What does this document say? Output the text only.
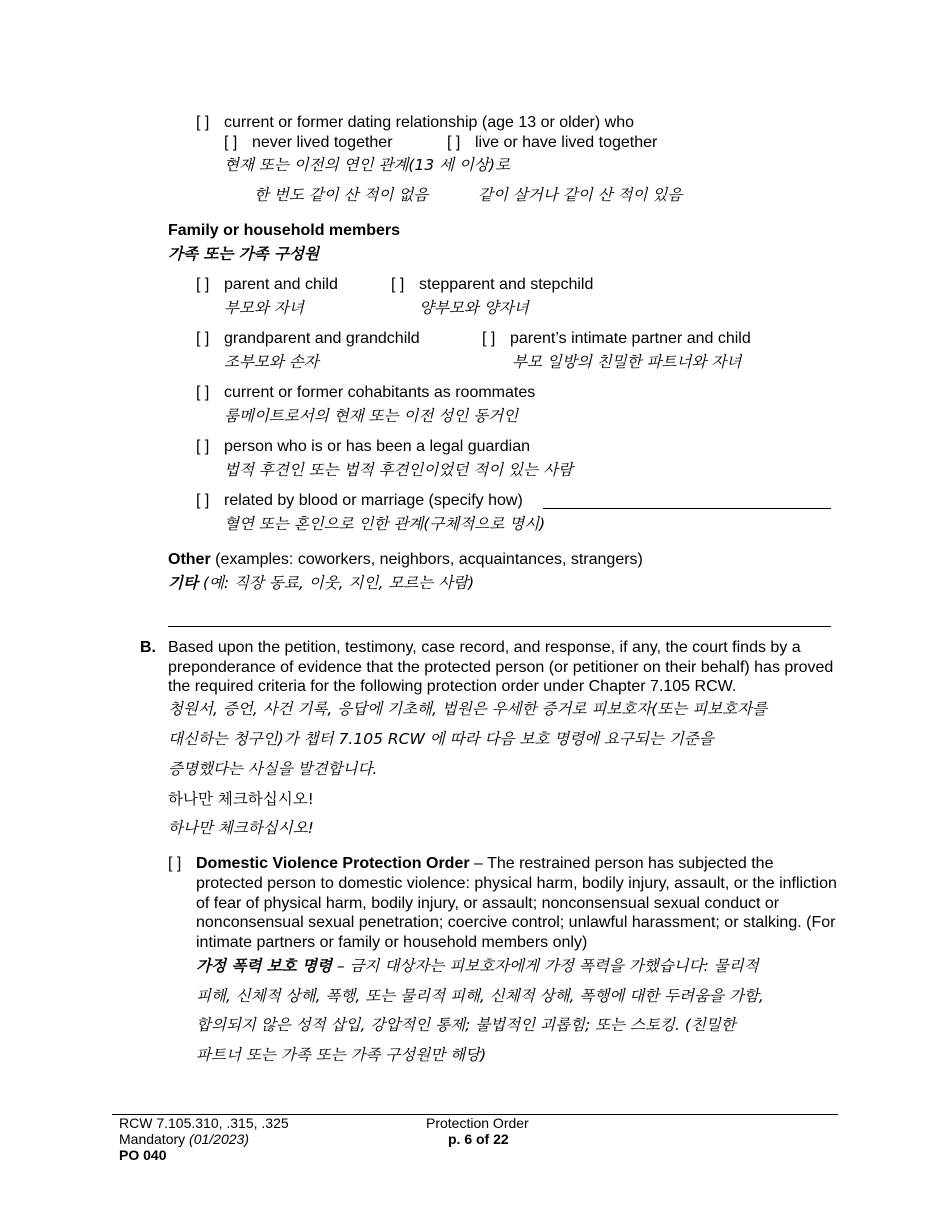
[ ] current or former dating relationship (age 13 or older) who
[ ] never lived together	[ ] live or have lived together
현재 또는 이전의 연인 관계(13 세 이상)로
한 번도 같이 산 적이 없음	같이 살거나 같이 산 적이 있음
Family or household members
가족 또는 가족 구성원
[ ] parent and child	[ ] stepparent and stepchild
부모와 자녀	양부모와 양자녀
[ ] grandparent and grandchild	[ ] parent’s intimate partner and child
조부모와 손자	부모 일방의 친밀한 파트너와 자녀
[ ] current or former cohabitants as roommates
룸메이트로서의 현재 또는 이전 성인 동거인
[ ] person who is or has been a legal guardian
법적 후견인 또는 법적 후견인이었던 적이 있는 사람
[ ] related by blood or marriage (specify how)
혈연 또는 혼인으로 인한 관계(구체적으로 명시)
Other (examples: coworkers, neighbors, acquaintances, strangers)
기타 (예: 직장 동료, 이웃, 지인, 모르는 사람)
B. Based upon the petition, testimony, case record, and response, if any, the court finds by a preponderance of evidence that the protected person (or petitioner on their behalf) has proved the required criteria for the following protection order under Chapter 7.105 RCW.
청원서, 증언, 사건 기록, 응답에 기초해, 법원은 우세한 증거로 피보호자(또는 피보호자를
대신하는 청구인)가 챕터 7.105 RCW 에 따라 다음 보호 명령에 요구되는 기준을
증명했다는 사실을 발견합니다.
하나만 체크하십시오!
하나만 체크하십시오!
[ ] Domestic Violence Protection Order – The restrained person has subjected the protected person to domestic violence: physical harm, bodily injury, assault, or the infliction of fear of physical harm, bodily injury, or assault; nonconsensual sexual conduct or nonconsensual sexual penetration; coercive control; unlawful harassment; or stalking. (For intimate partners or family or household members only)
가정 폭력 보호 명령 – 금지 대상자는 피보호자에게 가정 폭력을 가했습니다: 물리적
피해, 신체적 상해, 폭행, 또는 물리적 피해, 신체적 상해, 폭행에 대한 두려움을 가함,
합의되지 않은 성적 삽입, 강압적인 통제; 불법적인 괴롭힘; 또는 스토킹. (친밀한
파트너 또는 가족 또는 가족 구성원만 해당)
RCW 7.105.310, .315, .325
Mandatory (01/2023)
PO 040
Protection Order
p. 6 of 22
